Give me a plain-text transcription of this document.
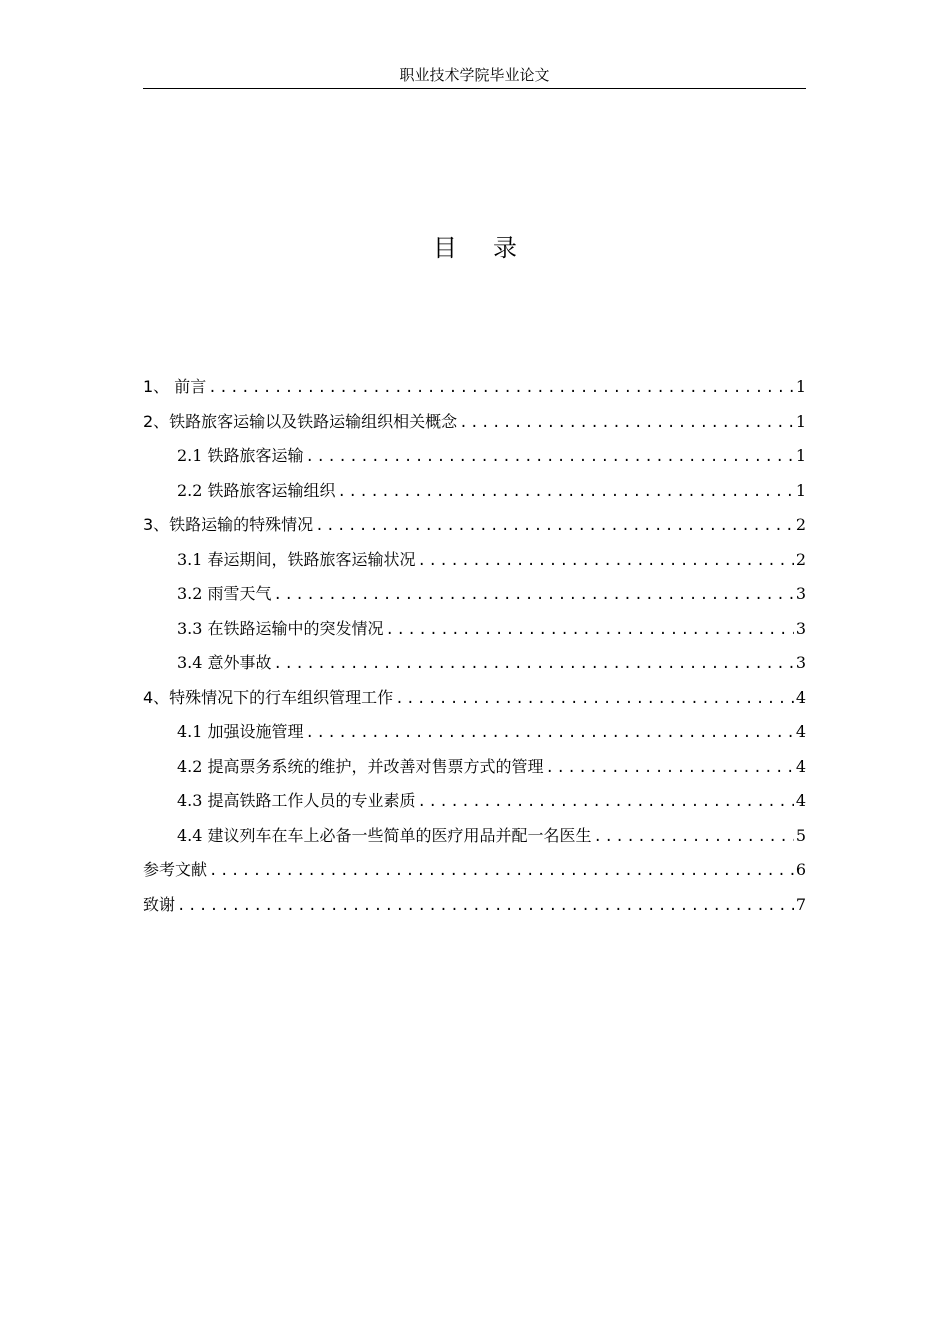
职业技术学院毕业论文
目录
1、 前言 .....	1
2、铁路旅客运输以及铁路运输组织相关概念 .....	1
2.1 铁路旅客运输 .....	1
2.2 铁路旅客运输组织 .....	1
3、铁路运输的特殊情况 .....	2
3.1 春运期间，铁路旅客运输状况 .....	2
3.2 雨雪天气 .....	3
3.3 在铁路运输中的突发情况 .....	3
3.4 意外事故 .....	3
4、特殊情况下的行车组织管理工作 .....	4
4.1 加强设施管理 .....	4
4.2 提高票务系统的维护，并改善对售票方式的管理 .....	4
4.3 提高铁路工作人员的专业素质 .....	4
4.4 建议列车在车上必备一些简单的医疗用品并配一名医生 .....	5
参考文献 .....	6
致谢 .....	7
